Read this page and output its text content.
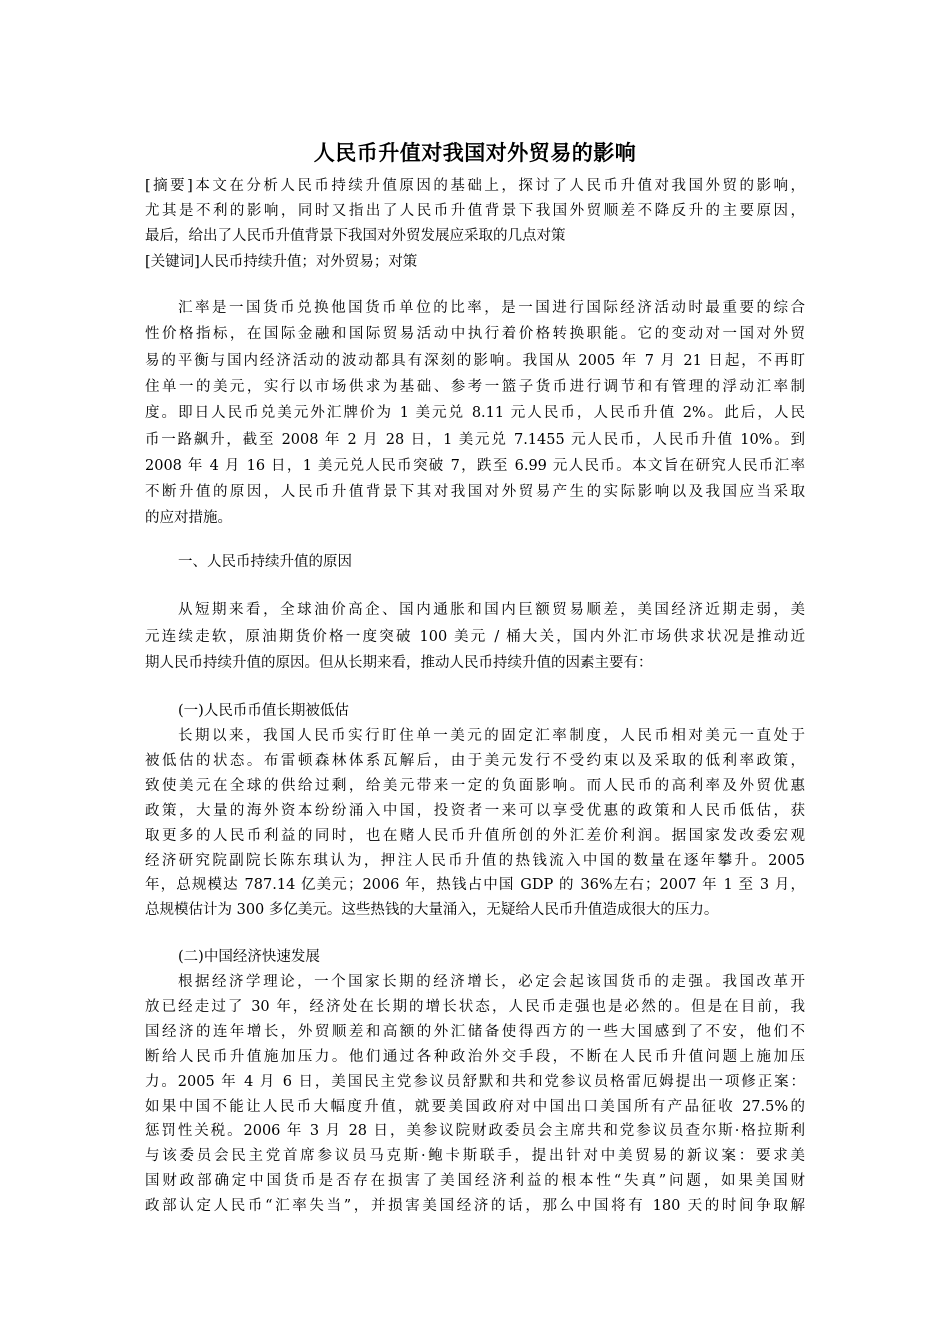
人民币升值对我国对外贸易的影响
[摘要]本文在分析人民币持续升值原因的基础上，探讨了人民币升值对我国外贸的影响，
尤其是不利的影响，同时又指出了人民币升值背景下我国外贸顺差不降反升的主要原因，
最后，给出了人民币升值背景下我国对外贸发展应采取的几点对策
[关键词]人民币持续升值；对外贸易；对策
汇率是一国货币兑换他国货币单位的比率，是一国进行国际经济活动时最重要的综合
性价格指标，在国际金融和国际贸易活动中执行着价格转换职能。它的变动对一国对外贸
易的平衡与国内经济活动的波动都具有深刻的影响。我国从 2005 年 7 月 21 日起，不再盯
住单一的美元，实行以市场供求为基础、参考一篮子货币进行调节和有管理的浮动汇率制
度。即日人民币兑美元外汇牌价为 1 美元兑 8.11 元人民币，人民币升值 2%。此后，人民
币一路飙升，截至 2008 年 2 月 28 日，1 美元兑 7.1455 元人民币，人民币升值 10%。到
2008 年 4 月 16 日，1 美元兑人民币突破 7，跌至 6.99 元人民币。本文旨在研究人民币汇率
不断升值的原因，人民币升值背景下其对我国对外贸易产生的实际影响以及我国应当采取
的应对措施。
一、人民币持续升值的原因
从短期来看，全球油价高企、国内通胀和国内巨额贸易顺差，美国经济近期走弱，美
元连续走软，原油期货价格一度突破 100 美元 / 桶大关，国内外汇市场供求状况是推动近
期人民币持续升值的原因。但从长期来看，推动人民币持续升值的因素主要有：
(一)人民币币值长期被低估
长期以来，我国人民币实行盯住单一美元的固定汇率制度，人民币相对美元一直处于
被低估的状态。布雷顿森林体系瓦解后，由于美元发行不受约束以及采取的低利率政策，
致使美元在全球的供给过剩，给美元带来一定的负面影响。而人民币的高利率及外贸优惠
政策，大量的海外资本纷纷涌入中国，投资者一来可以享受优惠的政策和人民币低估，获
取更多的人民币利益的同时，也在赌人民币升值所创的外汇差价利润。据国家发改委宏观
经济研究院副院长陈东琪认为，押注人民币升值的热钱流入中国的数量在逐年攀升。2005
年，总规模达 787.14 亿美元；2006 年，热钱占中国 GDP 的 36%左右；2007 年 1 至 3 月，
总规模估计为 300 多亿美元。这些热钱的大量涌入，无疑给人民币升值造成很大的压力。
(二)中国经济快速发展
根据经济学理论，一个国家长期的经济增长，必定会起该国货币的走强。我国改革开
放已经走过了 30 年，经济处在长期的增长状态，人民币走强也是必然的。但是在目前，我
国经济的连年增长，外贸顺差和高额的外汇储备使得西方的一些大国感到了不安，他们不
断给人民币升值施加压力。他们通过各种政治外交手段，不断在人民币升值问题上施加压
力。2005 年 4 月 6 日，美国民主党参议员舒默和共和党参议员格雷厄姆提出一项修正案：
如果中国不能让人民币大幅度升值，就要美国政府对中国出口美国所有产品征收 27.5%的
惩罚性关税。2006 年 3 月 28 日，美参议院财政委员会主席共和党参议员查尔斯·格拉斯利
与该委员会民主党首席参议员马克斯·鲍卡斯联手，提出针对中美贸易的新议案：要求美
国财政部确定中国货币是否存在损害了美国经济利益的根本性“失真”问题，如果美国财
政部认定人民币“汇率失当”，并损害美国经济的话，那么中国将有 180 天的时间争取解
